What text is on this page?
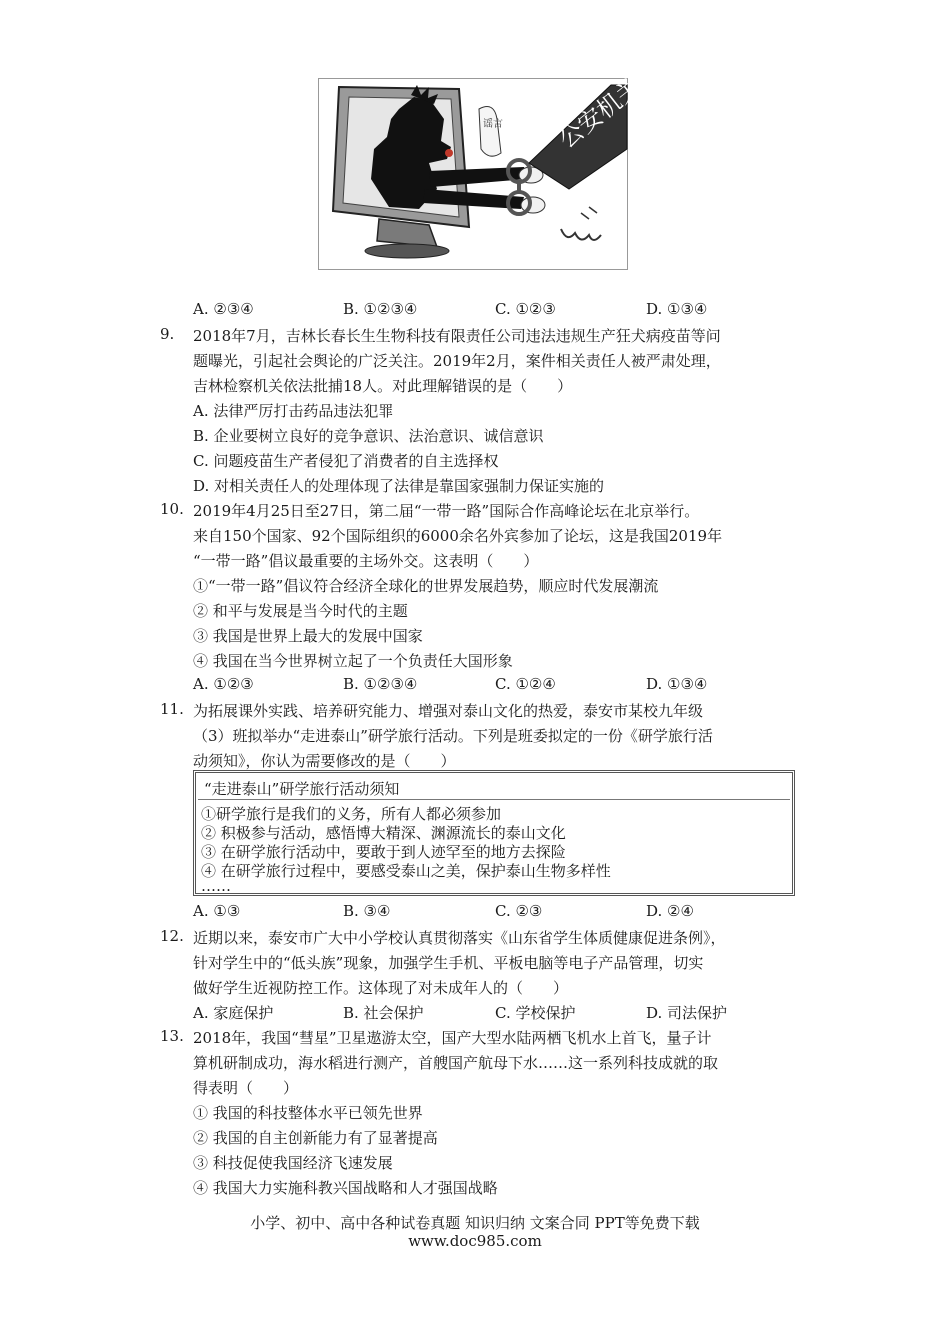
公安机关
谣言
A. ②③④	B. ①②③④	C. ①②③	D. ①③④
9. 2018年7月，吉林长春长生生物科技有限责任公司违法违规生产狂犬病疫苗等问
题曝光，引起社会舆论的广泛关注。2019年2月，案件相关责任人被严肃处理，
吉林检察机关依法批捕18人。对此理解错误的是（　　）
A. 法律严厉打击药品违法犯罪
B. 企业要树立良好的竞争意识、法治意识、诚信意识
C. 问题疫苗生产者侵犯了消费者的自主选择权
D. 对相关责任人的处理体现了法律是靠国家强制力保证实施的
10. 2019年4月25日至27日，第二届“一带一路”国际合作高峰论坛在北京举行。
来自150个国家、92个国际组织的6000余名外宾参加了论坛，这是我国2019年
“一带一路”倡议最重要的主场外交。这表明（　　）
①“一带一路”倡议符合经济全球化的世界发展趋势，顺应时代发展潮流
② 和平与发展是当今时代的主题
③ 我国是世界上最大的发展中国家
④ 我国在当今世界树立起了一个负责任大国形象
A. ①②③	B. ①②③④	C. ①②④	D. ①③④
11. 为拓展课外实践、培养研究能力、增强对泰山文化的热爱，泰安市某校九年级
（3）班拟举办“走进泰山”研学旅行活动。下列是班委拟定的一份《研学旅行活
动须知》，你认为需要修改的是（　　）
“走进泰山”研学旅行活动须知
①研学旅行是我们的义务，所有人都必须参加
② 积极参与活动，感悟博大精深、渊源流长的泰山文化
③ 在研学旅行活动中，要敢于到人迹罕至的地方去探险
④ 在研学旅行过程中，要感受泰山之美，保护泰山生物多样性
……
A. ①③	B. ③④	C. ②③	D. ②④
12. 近期以来，泰安市广大中小学校认真贯彻落实《山东省学生体质健康促进条例》，
针对学生中的“低头族”现象，加强学生手机、平板电脑等电子产品管理，切实
做好学生近视防控工作。这体现了对未成年人的（　　）
A. 家庭保护	B. 社会保护	C. 学校保护	D. 司法保护
13. 2018年，我国“彗星”卫星遨游太空，国产大型水陆两栖飞机水上首飞，量子计
算机研制成功，海水稻进行测产，首艘国产航母下水……这一系列科技成就的取
得表明（　　）
① 我国的科技整体水平已领先世界
② 我国的自主创新能力有了显著提高
③ 科技促使我国经济飞速发展
④ 我国大力实施科教兴国战略和人才强国战略
小学、初中、高中各种试卷真题 知识归纳 文案合同 PPT等免费下载
www.doc985.com
